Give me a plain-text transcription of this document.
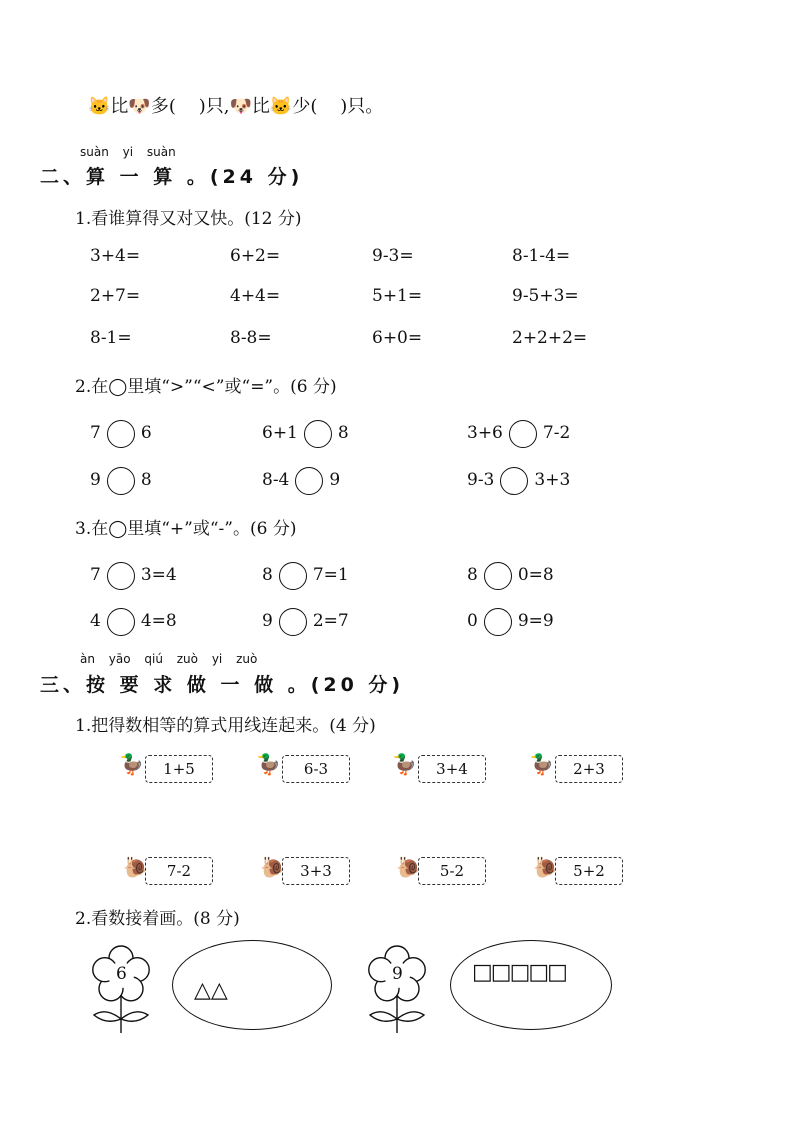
🐱比🐶多(    )只,🐶比🐱少(    )只。
suàn yi suàn
二、算 一 算 。(24 分)
1.看谁算得又对又快。(12 分)
3+4=	6+2=	9-3=	8-1-4=
2+7=	4+4=	5+1=	9-5+3=
8-1=	8-8=	6+0=	2+2+2=
2.在◯里填“>”“<”或“=”。(6 分)
7 6	6+1 8	3+6 7-2
9 8	8-4 9	9-3 3+3
3.在◯里填“+”或“-”。(6 分)
7 3=4	8 7=1	8 0=8
4 4=8	9 2=7	0 9=9
àn yāo qiú zuò yi zuò
三、按 要 求 做 一 做 。(20 分)
1.把得数相等的算式用线连起来。(4 分)
🦆	1+5	🦆	6-3	🦆	3+4	🦆	2+3
🐌	7-2	🐌	3+3	🐌	5-2	🐌	5+2
2.看数接着画。(8 分)
6
△△
9	□□□□□
